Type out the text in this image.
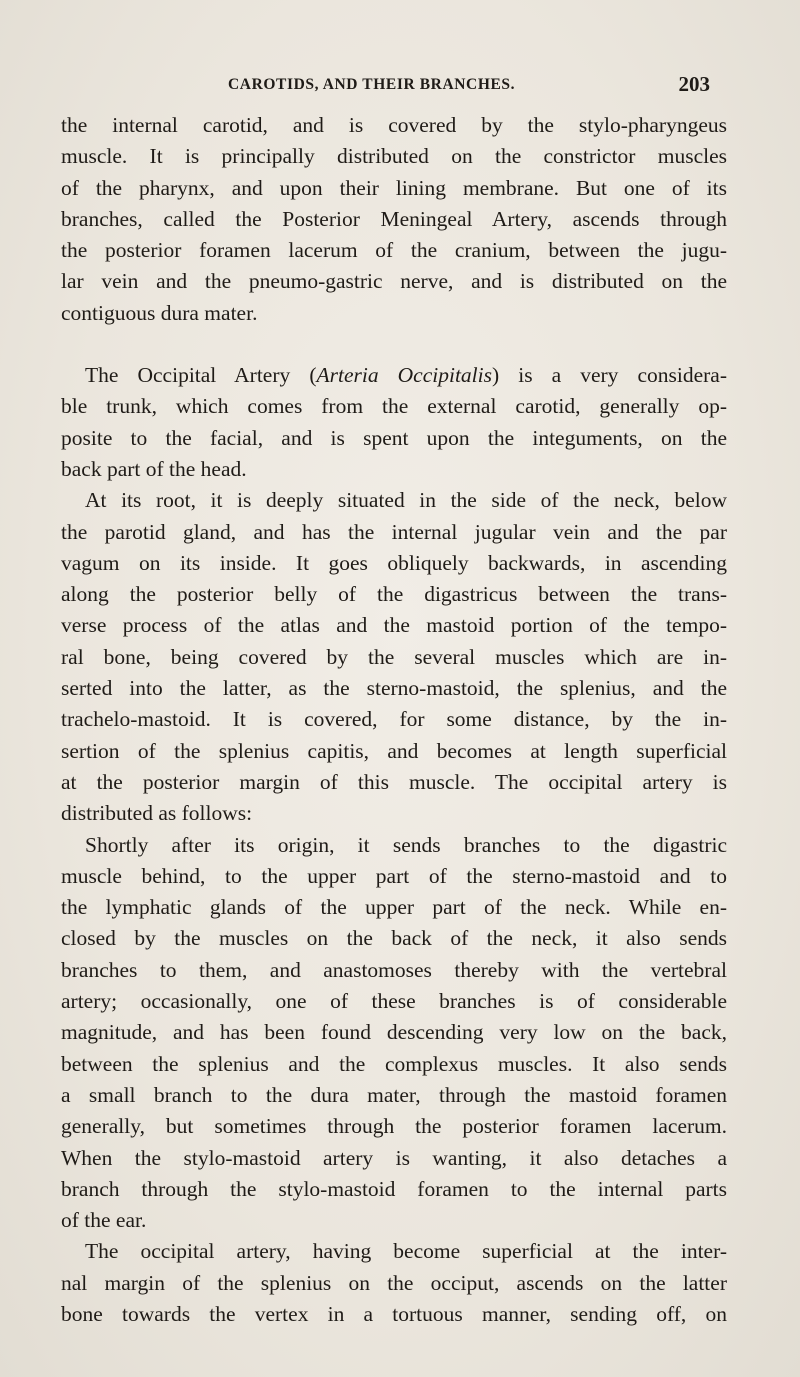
CAROTIDS, AND THEIR BRANCHES.	203
the internal carotid, and is covered by the stylo-pharyngeus
muscle. It is principally distributed on the constrictor muscles
of the pharynx, and upon their lining membrane. But one of its
branches, called the Posterior Meningeal Artery, ascends through
the posterior foramen lacerum of the cranium, between the jugu-
lar vein and the pneumo-gastric nerve, and is distributed on the
contiguous dura mater.
The Occipital Artery (Arteria Occipitalis) is a very considera-
ble trunk, which comes from the external carotid, generally op-
posite to the facial, and is spent upon the integuments, on the
back part of the head.
At its root, it is deeply situated in the side of the neck, below
the parotid gland, and has the internal jugular vein and the par
vagum on its inside. It goes obliquely backwards, in ascending
along the posterior belly of the digastricus between the trans-
verse process of the atlas and the mastoid portion of the tempo-
ral bone, being covered by the several muscles which are in-
serted into the latter, as the sterno-mastoid, the splenius, and the
trachelo-mastoid. It is covered, for some distance, by the in-
sertion of the splenius capitis, and becomes at length superficial
at the posterior margin of this muscle. The occipital artery is
distributed as follows:
Shortly after its origin, it sends branches to the digastric
muscle behind, to the upper part of the sterno-mastoid and to
the lymphatic glands of the upper part of the neck. While en-
closed by the muscles on the back of the neck, it also sends
branches to them, and anastomoses thereby with the vertebral
artery; occasionally, one of these branches is of considerable
magnitude, and has been found descending very low on the back,
between the splenius and the complexus muscles. It also sends
a small branch to the dura mater, through the mastoid foramen
generally, but sometimes through the posterior foramen lacerum.
When the stylo-mastoid artery is wanting, it also detaches a
branch through the stylo-mastoid foramen to the internal parts
of the ear.
The occipital artery, having become superficial at the inter-
nal margin of the splenius on the occiput, ascends on the latter
bone towards the vertex in a tortuous manner, sending off, on
